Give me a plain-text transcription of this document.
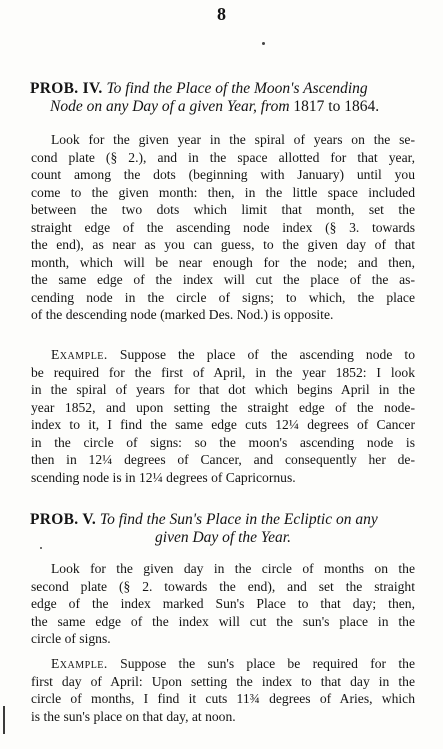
8
PROB. IV. To find the Place of the Moon's Ascending
Node on any Day of a given Year, from 1817 to 1864.
Look for the given year in the spiral of years on the se-
cond plate (§ 2.), and in the space allotted for that year,
count among the dots (beginning with January) until you
come to the given month: then, in the little space included
between the two dots which limit that month, set the
straight edge of the ascending node index (§ 3. towards
the end), as near as you can guess, to the given day of that
month, which will be near enough for the node; and then,
the same edge of the index will cut the place of the as-
cending node in the circle of signs; to which, the place
of the descending node (marked Des. Nod.) is opposite.
Example. Suppose the place of the ascending node to
be required for the first of April, in the year 1852: I look
in the spiral of years for that dot which begins April in the
year 1852, and upon setting the straight edge of the node-
index to it, I find the same edge cuts 12¼ degrees of Cancer
in the circle of signs: so the moon's ascending node is
then in 12¼ degrees of Cancer, and consequently her de-
scending node is in 12¼ degrees of Capricornus.
PROB. V. To find the Sun's Place in the Ecliptic on any
given Day of the Year.
Look for the given day in the circle of months on the
second plate (§ 2. towards the end), and set the straight
edge of the index marked Sun's Place to that day; then,
the same edge of the index will cut the sun's place in the
circle of signs.
Example. Suppose the sun's place be required for the
first day of April: Upon setting the index to that day in the
circle of months, I find it cuts 11¾ degrees of Aries, which
is the sun's place on that day, at noon.
